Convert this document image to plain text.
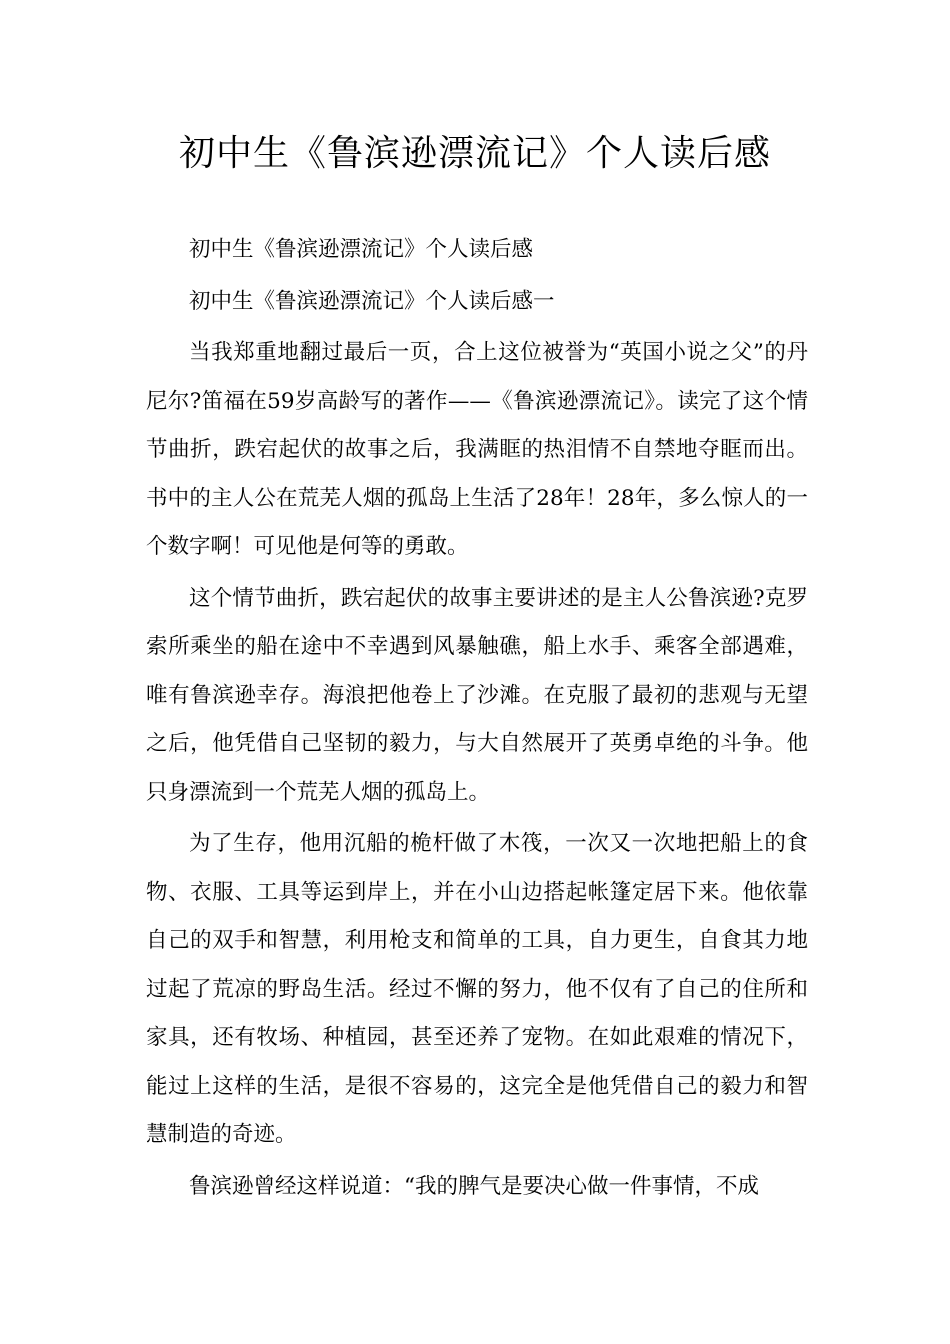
初中生《鲁滨逊漂流记》个人读后感

初中生《鲁滨逊漂流记》个人读后感

初中生《鲁滨逊漂流记》个人读后感一

当我郑重地翻过最后一页，合上这位被誉为“英国小说之父”的丹尼尔?笛福在59岁高龄写的著作——《鲁滨逊漂流记》。读完了这个情节曲折，跌宕起伏的故事之后，我满眶的热泪情不自禁地夺眶而出。书中的主人公在荒芜人烟的孤岛上生活了28年！28年，多么惊人的一个数字啊！可见他是何等的勇敢。

这个情节曲折，跌宕起伏的故事主要讲述的是主人公鲁滨逊?克罗索所乘坐的船在途中不幸遇到风暴触礁，船上水手、乘客全部遇难，唯有鲁滨逊幸存。海浪把他卷上了沙滩。在克服了最初的悲观与无望之后，他凭借自己坚韧的毅力，与大自然展开了英勇卓绝的斗争。他只身漂流到一个荒芜人烟的孤岛上。

为了生存，他用沉船的桅杆做了木筏，一次又一次地把船上的食物、衣服、工具等运到岸上，并在小山边搭起帐篷定居下来。他依靠自己的双手和智慧，利用枪支和简单的工具，自力更生，自食其力地过起了荒凉的野岛生活。经过不懈的努力，他不仅有了自己的住所和家具，还有牧场、种植园，甚至还养了宠物。在如此艰难的情况下，能过上这样的生活，是很不容易的，这完全是他凭借自己的毅力和智慧制造的奇迹。

鲁滨逊曾经这样说道：“我的脾气是要决心做一件事情，不成
